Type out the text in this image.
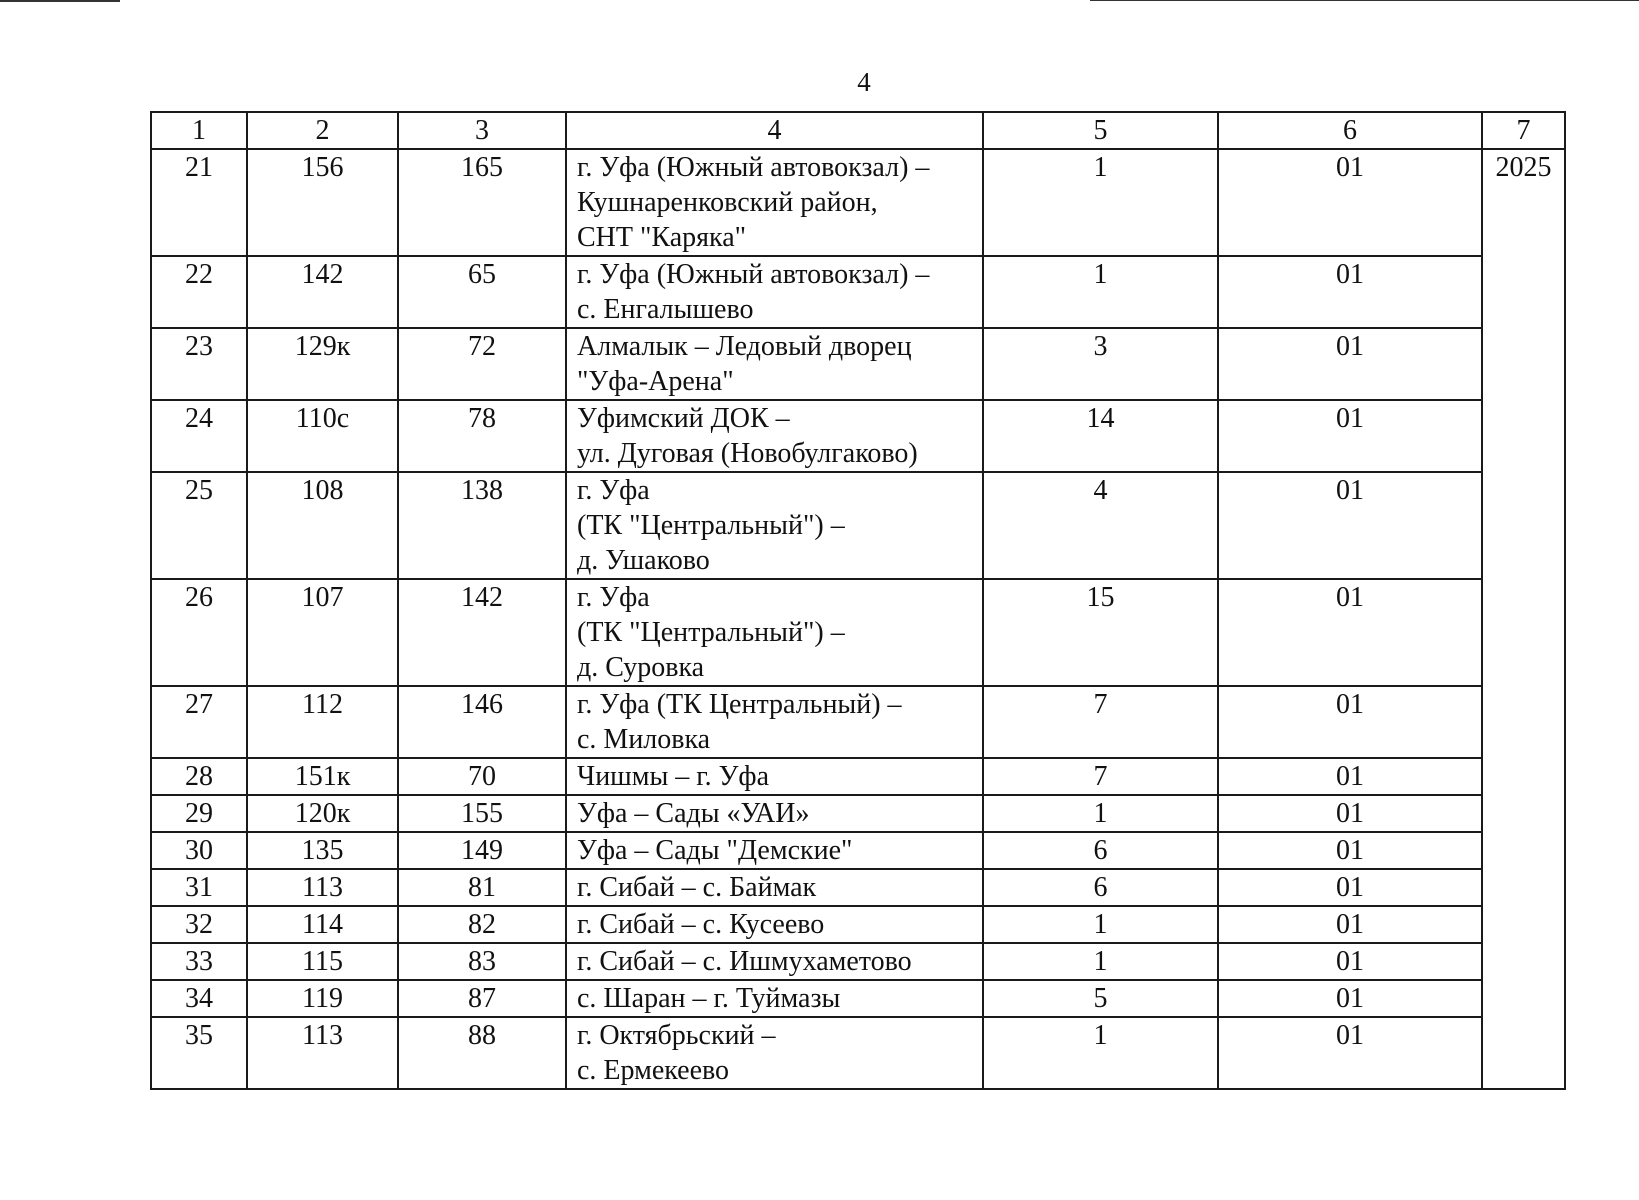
4
1	2	3	4	5	6	7
21	156	165	г. Уфа (Южный автовокзал) –
Кушнаренковский район,
СНТ "Каряка"	1	01	2025
22	142	65	г. Уфа (Южный автовокзал) –
с. Енгалышево	1	01	
23	129к	72	Алмалык – Ледовый дворец
"Уфа-Арена"	3	01	
24	110с	78	Уфимский ДОК –
ул. Дуговая (Новобулгаково)	14	01	
25	108	138	г. Уфа
(ТК "Центральный") –
д. Ушаково	4	01	
26	107	142	г. Уфа
(ТК "Центральный") –
д. Суровка	15	01	
27	112	146	г. Уфа (ТК Центральный) –
с. Миловка	7	01	
28	151к	70	Чишмы – г. Уфа	7	01	
29	120к	155	Уфа – Сады «УАИ»	1	01	
30	135	149	Уфа – Сады "Демские"	6	01	
31	113	81	г. Сибай – с. Баймак	6	01	
32	114	82	г. Сибай – с. Кусеево	1	01	
33	115	83	г. Сибай – с. Ишмухаметово	1	01	
34	119	87	с. Шаран – г. Туймазы	5	01	
35	113	88	г. Октябрьский –
с. Ермекеево	1	01	
